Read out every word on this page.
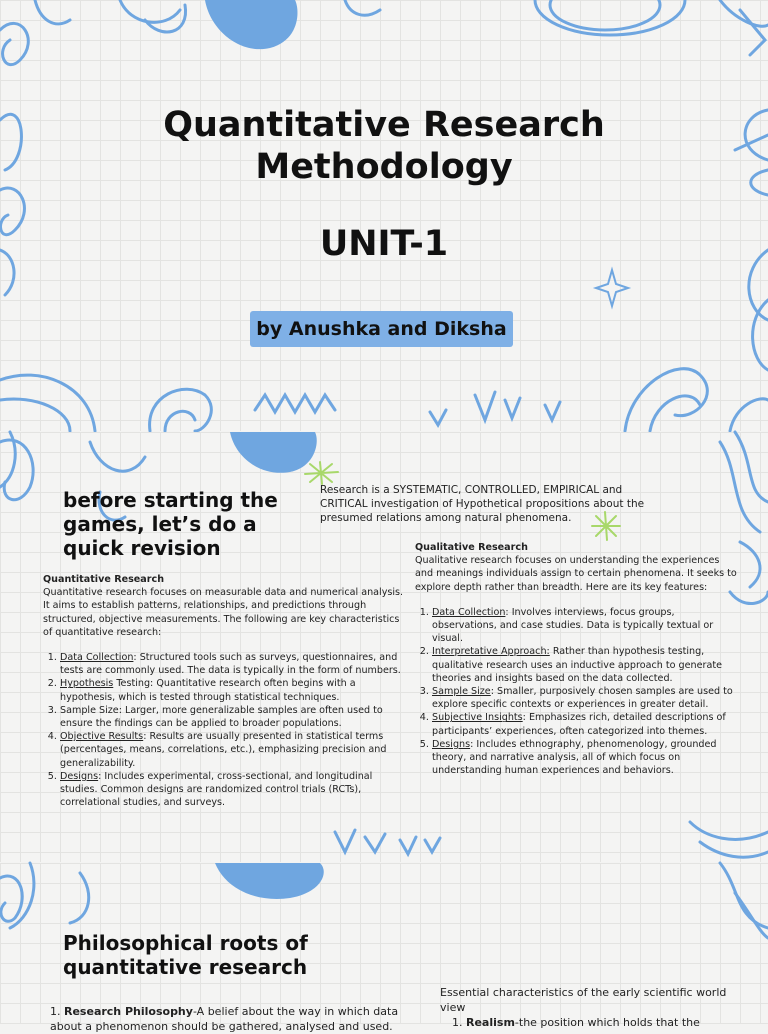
Quantitative Research
Methodology
UNIT-1
by Anushka and Diksha
before starting the games, let’s do a quick revision
Research is a SYSTEMATIC, CONTROLLED, EMPIRICAL and CRITICAL investigation of Hypothetical propositions about the presumed relations among natural phenomena.
Quantitative Research
Quantitative research focuses on measurable data and numerical analysis. It aims to establish patterns, relationships, and predictions through structured, objective measurements. The following are key characteristics of quantitative research:
1. Data Collection: Structured tools such as surveys, questionnaires, and tests are commonly used. The data is typically in the form of numbers.
2. Hypothesis Testing: Quantitative research often begins with a hypothesis, which is tested through statistical techniques.
3. Sample Size: Larger, more generalizable samples are often used to ensure the findings can be applied to broader populations.
4. Objective Results: Results are usually presented in statistical terms (percentages, means, correlations, etc.), emphasizing precision and generalizability.
5. Designs: Includes experimental, cross-sectional, and longitudinal studies. Common designs are randomized control trials (RCTs), correlational studies, and surveys.
Qualitative Research
Qualitative research focuses on understanding the experiences and meanings individuals assign to certain phenomena. It seeks to explore depth rather than breadth. Here are its key features:
1. Data Collection: Involves interviews, focus groups, observations, and case studies. Data is typically textual or visual.
2. Interpretative Approach: Rather than hypothesis testing, qualitative research uses an inductive approach to generate theories and insights based on the data collected.
3. Sample Size: Smaller, purposively chosen samples are used to explore specific contexts or experiences in greater detail.
4. Subjective Insights: Emphasizes rich, detailed descriptions of participants’ experiences, often categorized into themes.
5. Designs: Includes ethnography, phenomenology, grounded theory, and narrative analysis, all of which focus on understanding human experiences and behaviors.
Philosophical roots of quantitative research
1. Research Philosophy-A belief about the way in which data about a phenomenon should be gathered, analysed and used.
Essential characteristics of the early scientific world view
1. Realism-the position which holds that the
